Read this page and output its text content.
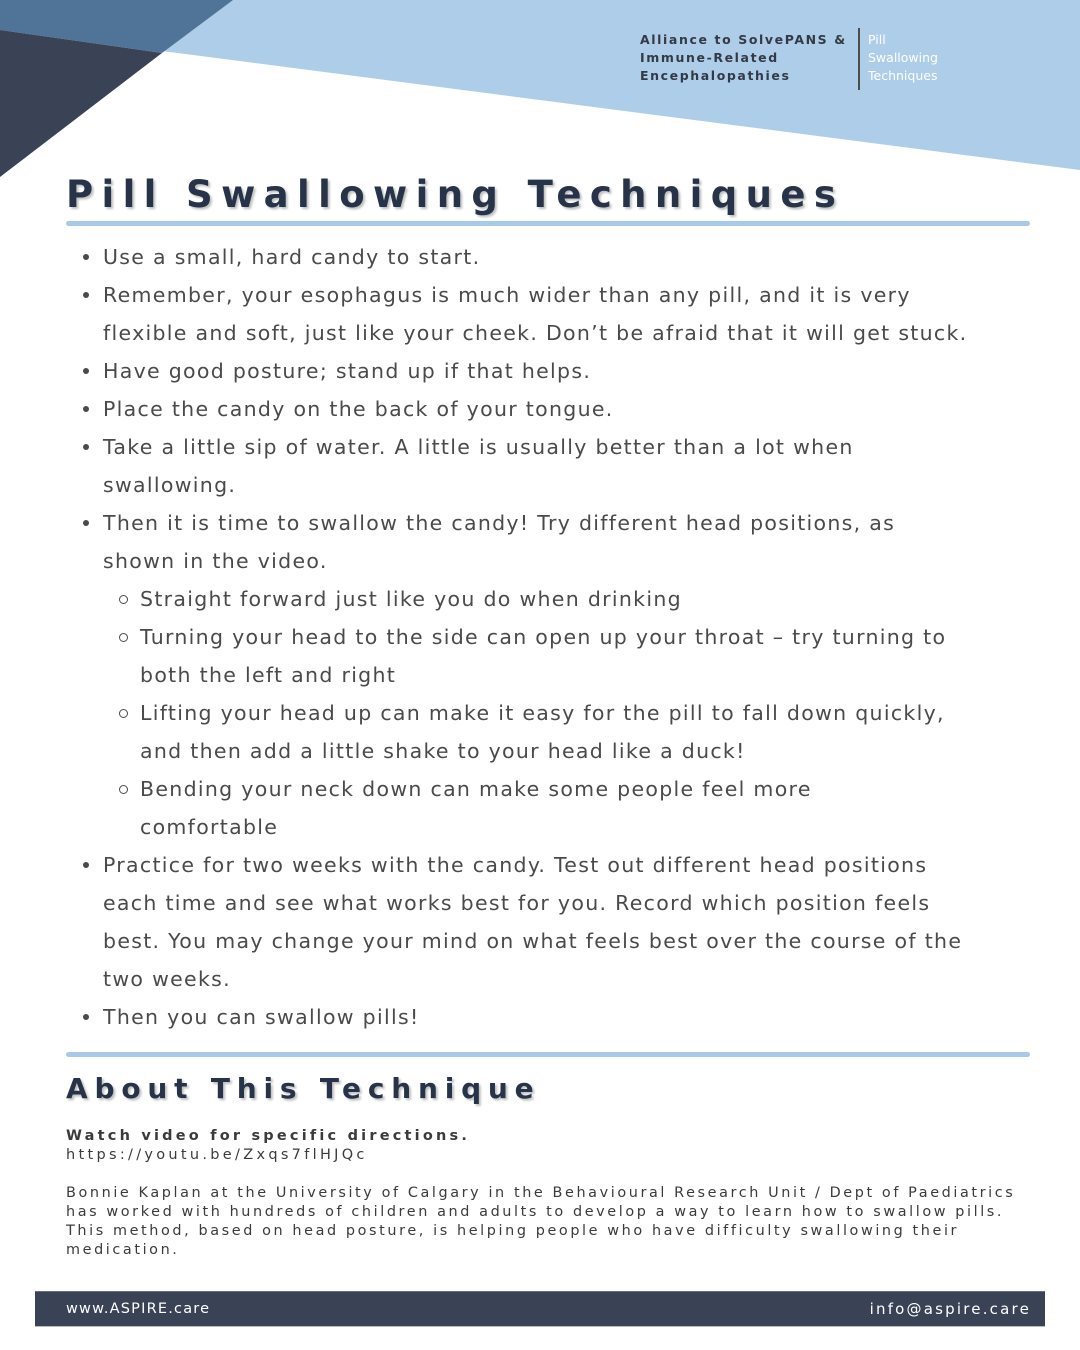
Alliance to SolvePANS &
Immune-Related
Encephalopathies
Pill
Swallowing
Techniques
Pill Swallowing Techniques
Use a small, hard candy to start.
Remember, your esophagus is much wider than any pill, and it is very
flexible and soft, just like your cheek. Don’t be afraid that it will get stuck.
Have good posture; stand up if that helps.
Place the candy on the back of your tongue.
Take a little sip of water. A little is usually better than a lot when
swallowing.
Then it is time to swallow the candy! Try different head positions, as
shown in the video.
Straight forward just like you do when drinking
Turning your head to the side can open up your throat – try turning to
both the left and right
Lifting your head up can make it easy for the pill to fall down quickly,
and then add a little shake to your head like a duck!
Bending your neck down can make some people feel more
comfortable
Practice for two weeks with the candy. Test out different head positions
each time and see what works best for you. Record which position feels
best. You may change your mind on what feels best over the course of the
two weeks.
Then you can swallow pills!
About This Technique
Watch video for specific directions.
https://youtu.be/Zxqs7flHJQc

Bonnie Kaplan at the University of Calgary in the Behavioural Research Unit / Dept of Paediatrics has worked with hundreds of children and adults to develop a way to learn how to swallow pills. This method, based on head posture, is helping people who have difficulty swallowing their medication.

www.ASPIRE.care	info@aspire.care
